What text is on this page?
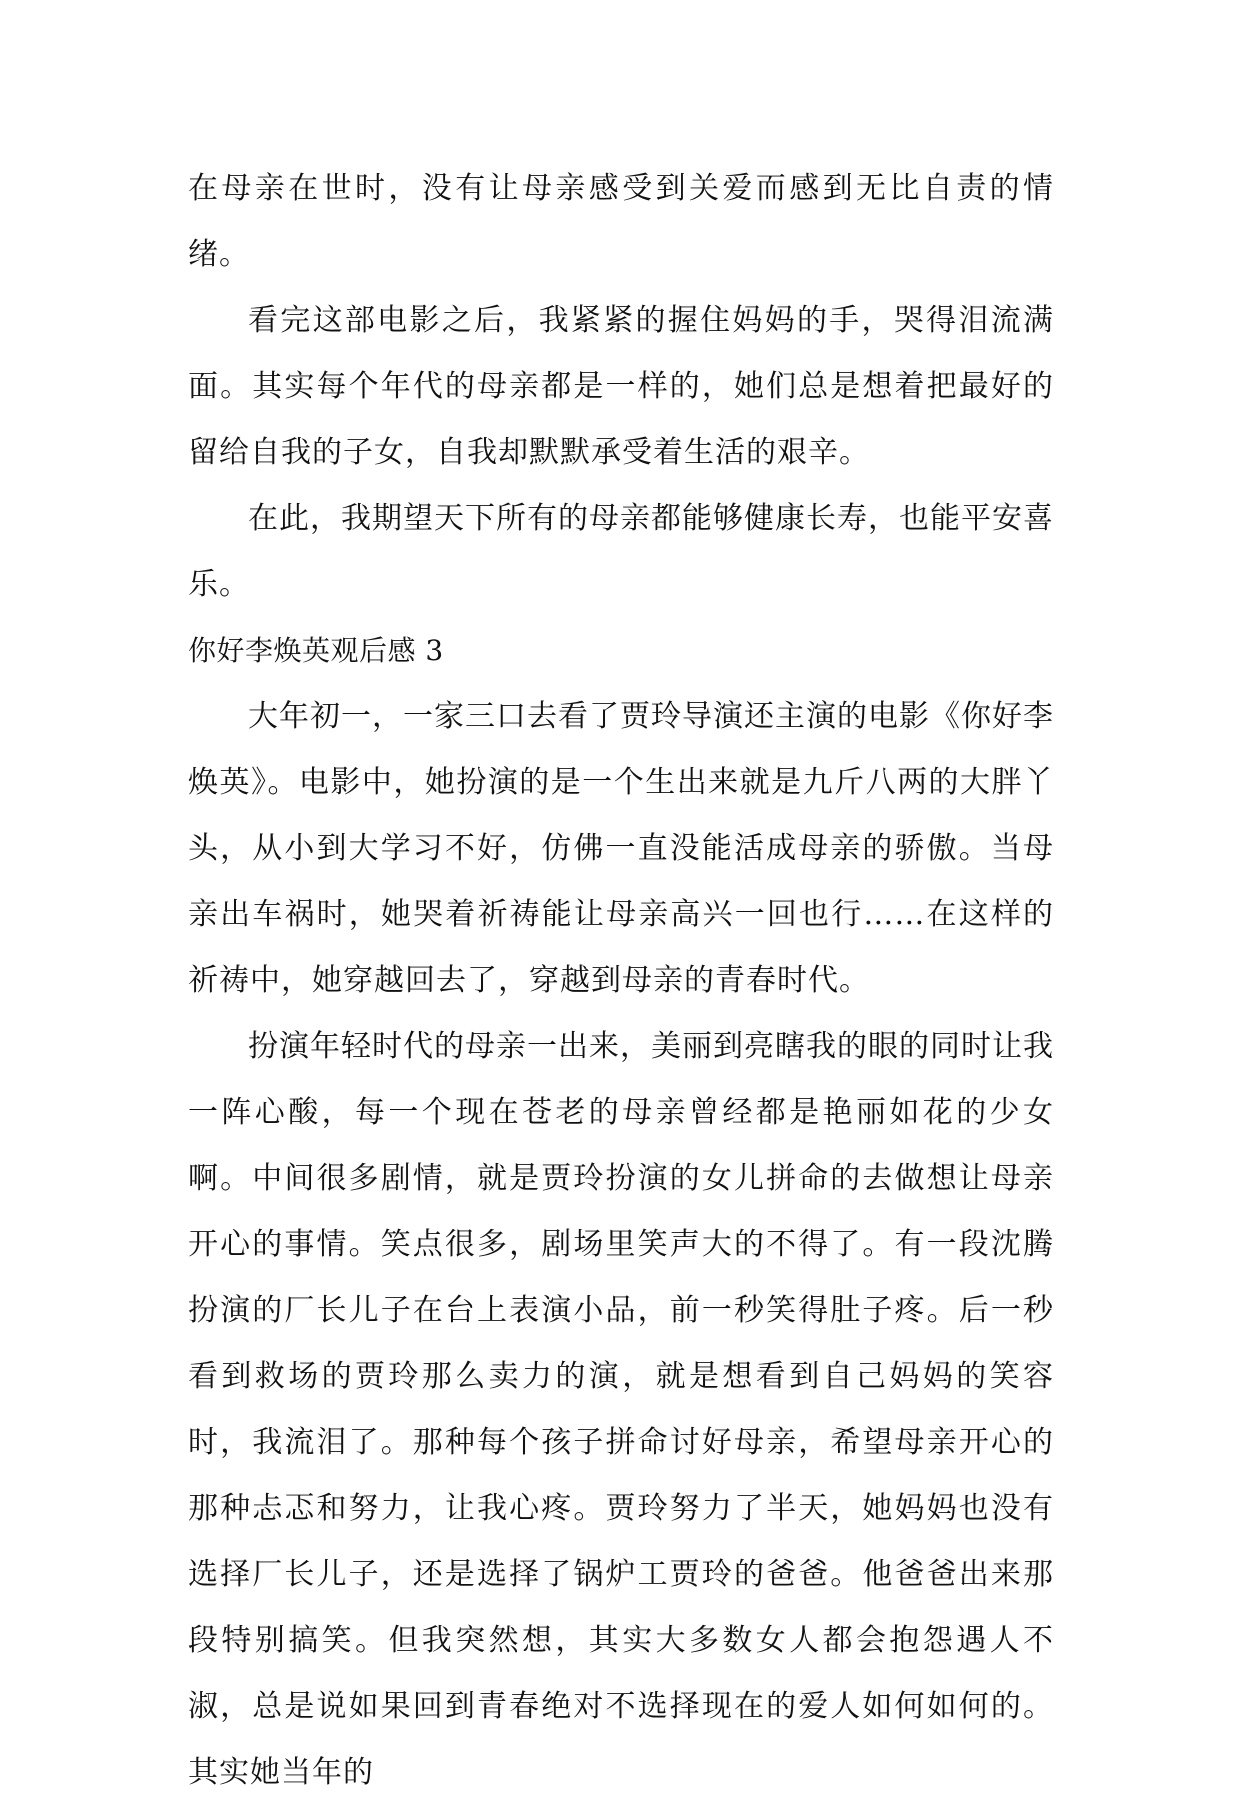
在母亲在世时，没有让母亲感受到关爱而感到无比自责的情绪。

看完这部电影之后，我紧紧的握住妈妈的手，哭得泪流满面。其实每个年代的母亲都是一样的，她们总是想着把最好的留给自我的子女，自我却默默承受着生活的艰辛。

在此，我期望天下所有的母亲都能够健康长寿，也能平安喜乐。

你好李焕英观后感 3

大年初一，一家三口去看了贾玲导演还主演的电影《你好李焕英》。电影中，她扮演的是一个生出来就是九斤八两的大胖丫头，从小到大学习不好，仿佛一直没能活成母亲的骄傲。当母亲出车祸时，她哭着祈祷能让母亲高兴一回也行……在这样的祈祷中，她穿越回去了，穿越到母亲的青春时代。

扮演年轻时代的母亲一出来，美丽到亮瞎我的眼的同时让我一阵心酸，每一个现在苍老的母亲曾经都是艳丽如花的少女啊。中间很多剧情，就是贾玲扮演的女儿拼命的去做想让母亲开心的事情。笑点很多，剧场里笑声大的不得了。有一段沈腾扮演的厂长儿子在台上表演小品，前一秒笑得肚子疼。后一秒看到救场的贾玲那么卖力的演，就是想看到自己妈妈的笑容时，我流泪了。那种每个孩子拼命讨好母亲，希望母亲开心的那种忐忑和努力，让我心疼。贾玲努力了半天，她妈妈也没有选择厂长儿子，还是选择了锅炉工贾玲的爸爸。他爸爸出来那段特别搞笑。但我突然想，其实大多数女人都会抱怨遇人不淑，总是说如果回到青春绝对不选择现在的爱人如何如何的。其实她当年的
